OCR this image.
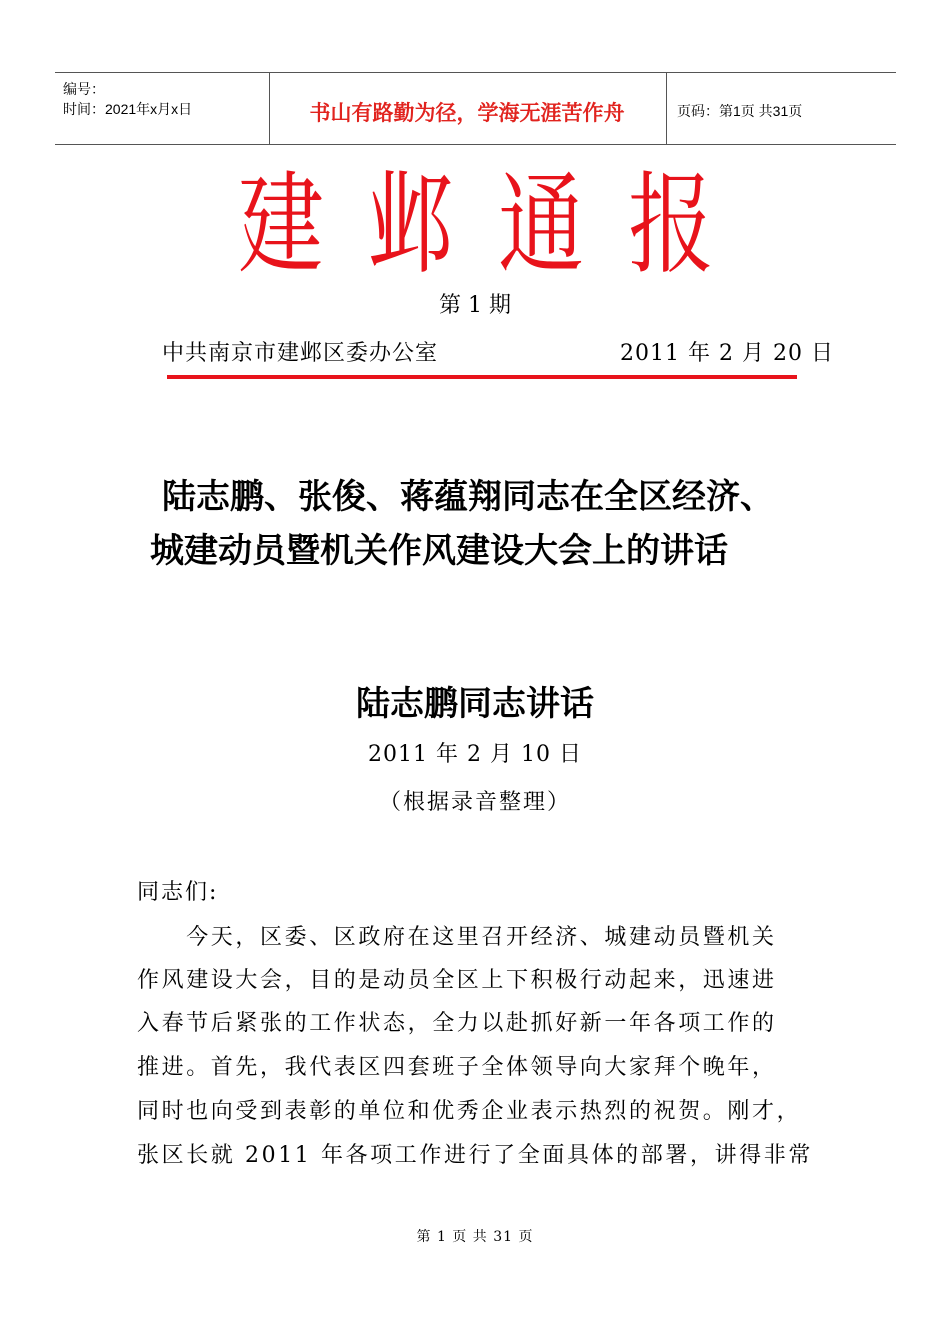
编号：
时间：2021年x月x日	书山有路勤为径，学海无涯苦作舟	页码：第1页 共31页
建 邺 通 报
第 1 期
中共南京市建邺区委办公室	2011 年 2 月 20 日
陆志鹏、张俊、蒋蕴翔同志在全区经济、
城建动员暨机关作风建设大会上的讲话
陆志鹏同志讲话
2011 年 2 月 10 日
（根据录音整理）
同志们:
　　今天，区委、区政府在这里召开经济、城建动员暨机关
作风建设大会，目的是动员全区上下积极行动起来，迅速进
入春节后紧张的工作状态，全力以赴抓好新一年各项工作的
推进。首先，我代表区四套班子全体领导向大家拜个晚年，
同时也向受到表彰的单位和优秀企业表示热烈的祝贺。刚才，
张区长就 2011 年各项工作进行了全面具体的部署，讲得非常
第 1 页 共 31 页
